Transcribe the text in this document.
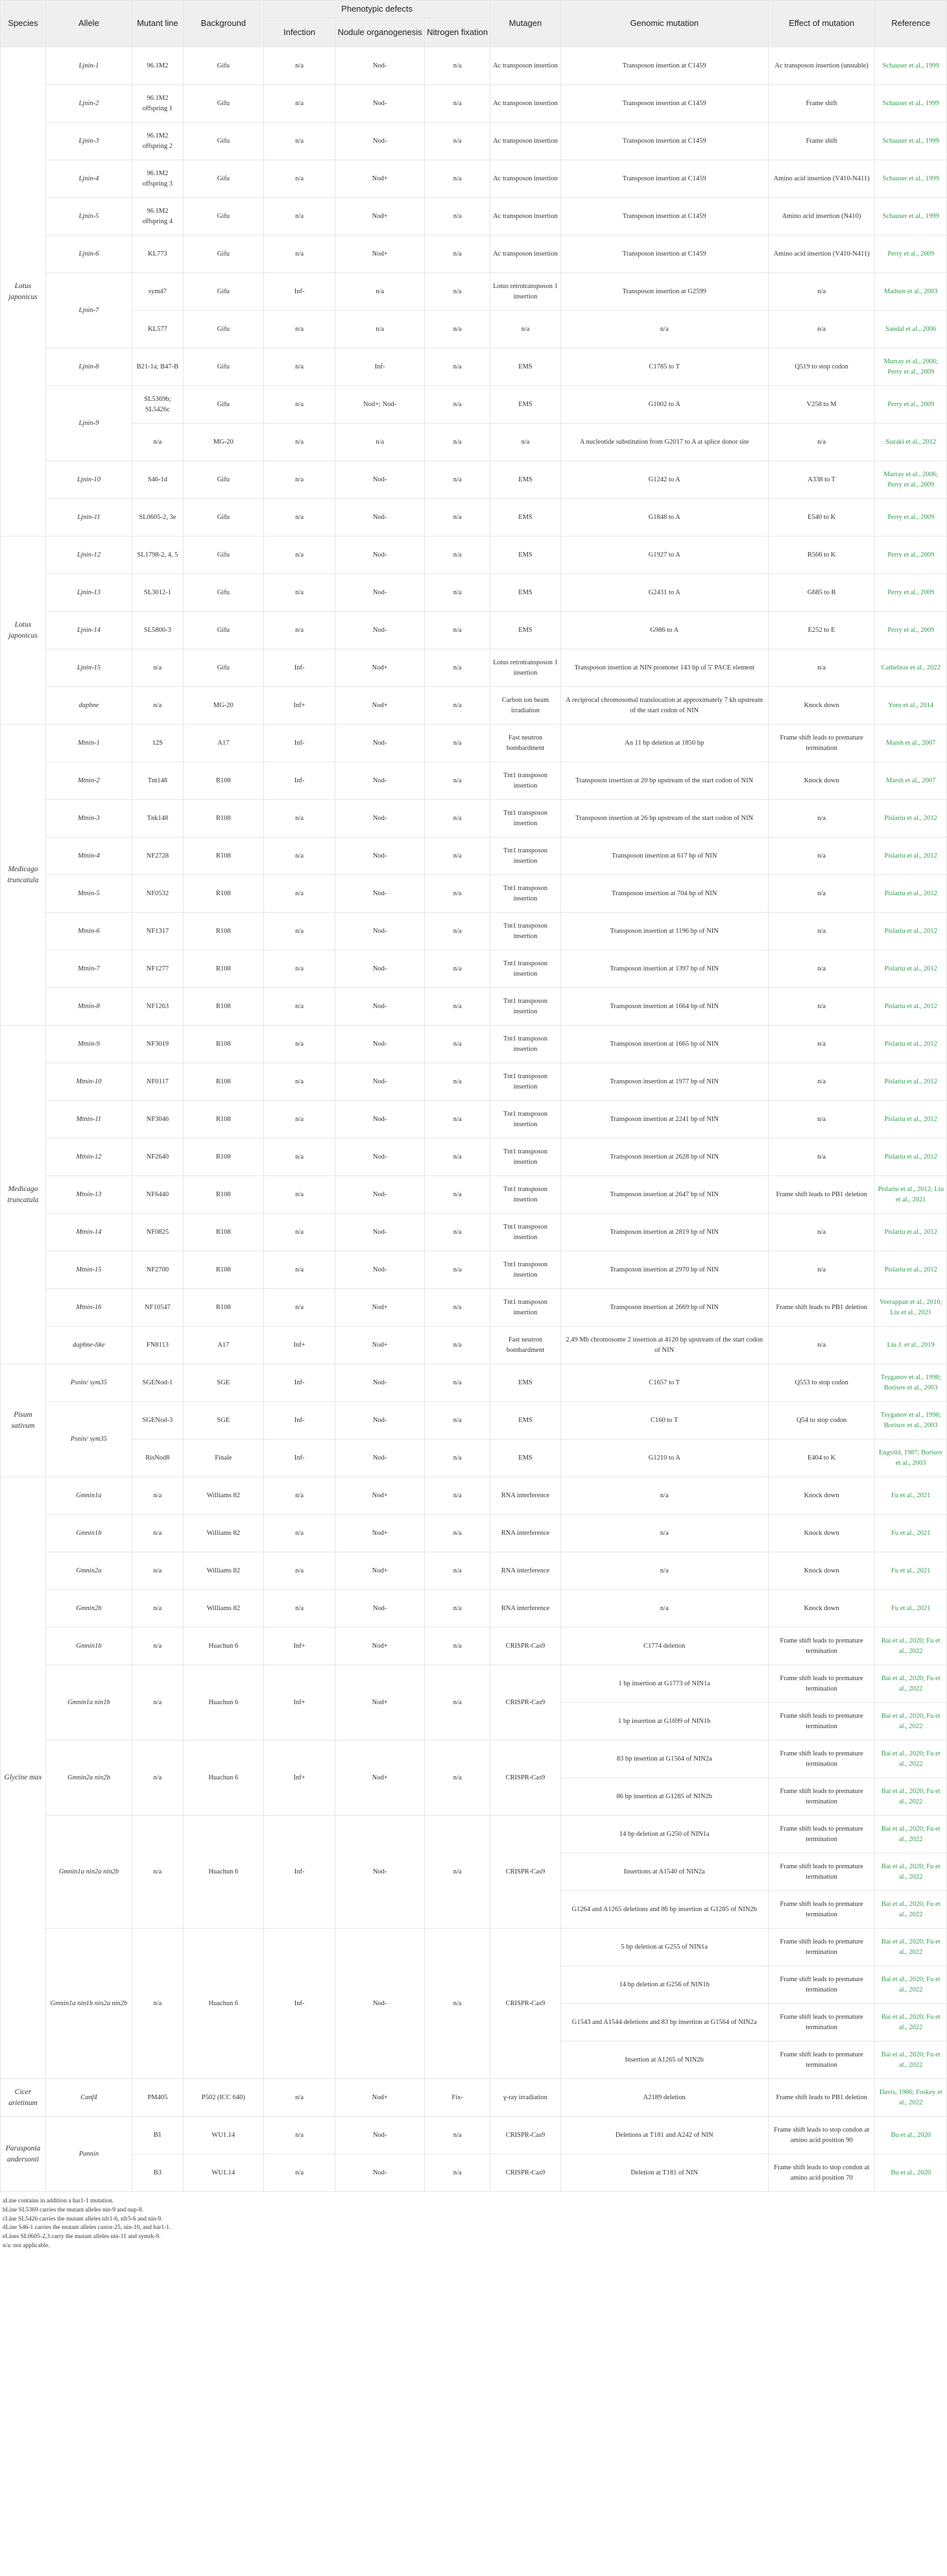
Species	Allele	Mutant line	Background	Phenotypic defects			Mutagen	Genomic mutation	Effect of mutation	Reference
				Infection	Nodule organogenesis	Nitrogen fixation				
Lotus japonicus	Ljnin-1	96.1M2	Gifu	n/a	Nod-	n/a	Ac transposon insertion	Transposon insertion at C1459	Ac transposon insertion (unstable)	Schauser et al., 1999
	Ljnin-2	96.1M2 offspring 1	Gifu	n/a	Nod-	n/a	Ac transposon insertion	Transposon insertion at C1459	Frame shift	Schauser et al., 1999
	Ljnin-3	96.1M2 offspring 2	Gifu	n/a	Nod-	n/a	Ac transposon insertion	Transposon insertion at C1459	Frame shift	Schauser et al., 1999
	Ljnin-4	96.1M2 offspring 3	Gifu	n/a	Nod+	n/a	Ac transposon insertion	Transposon insertion at C1459	Amino acid insertion (V410-N411)	Schauser et al., 1999
	Ljnin-5	96.1M2 offspring 4	Gifu	n/a	Nod+	n/a	Ac transposon insertion	Transposon insertion at C1459	Amino acid insertion (N410)	Schauser et al., 1999
	Ljnin-6	KL773	Gifu	n/a	Nod+	n/a	Ac transposon insertion	Transposon insertion at C1459	Amino acid insertion (V410-N411)	Perry et al., 2009
	Ljnin-7	sym47	Gifu	Inf-	n/a	n/a	Lotus retrotransposon 1 insertion	Transposon insertion at G2599	n/a	Madsen et al., 2003
		KL577	Gifu	n/a	n/a	n/a	n/a	n/a	n/a	Sandal et al., 2006
	Ljnin-8	B21-1a; B47-B	Gifu	n/a	Inf-	n/a	EMS	C1785 to T	Q519 to stop codon	Murray et al., 2006; Perry et al., 2009
	Ljnin-9	SL5369b; SL5426c	Gifu	n/a	Nod+; Nod-	n/a	EMS	G1002 to A	V258 to M	Perry et al., 2009
		n/a	MG-20	n/a	n/a	n/a	n/a	A nucleotide substitution from G2017 to A at splice donor site	n/a	Suzaki et al., 2012
	Ljnin-10	S46-1d	Gifu	n/a	Nod-	n/a	EMS	G1242 to A	A338 to T	Murray et al., 2006; Perry et al., 2009
	Ljnin-11	SL0605-2, 3e	Gifu	n/a	Nod-	n/a	EMS	G1848 to A	E540 to K	Perry et al., 2009
Lotus japonicus	Ljnin-12	SL1798-2, 4, 5	Gifu	n/a	Nod-	n/a	EMS	G1927 to A	R566 to K	Perry et al., 2009
	Ljnin-13	SL3012-1	Gifu	n/a	Nod-	n/a	EMS	G2431 to A	G685 to R	Perry et al., 2009
	Ljnin-14	SL5800-3	Gifu	n/a	Nod-	n/a	EMS	G986 to A	E252 to E	Perry et al., 2009
	Ljnin-15	n/a	Gifu	Inf-	Nod+	n/a	Lotus retrotransposon 1 insertion	Transposon insertion at NIN promoter 143 bp of 5' PACE element	n/a	Cathebras et al., 2022
	daphne	n/a	MG-20	Inf+	Nod+	n/a	Carbon ion beam irradiation	A reciprocal chromosomal translocation at approximately 7 kb upstream of the start codon of NIN	Knock down	Yoro et al., 2014
Medicago truncatula	Mtnin-1	12S	A17	Inf-	Nod-	n/a	Fast neutron bombardment	An 11 bp deletion at 1850 bp	Frame shift leads to premature termination	Marsh et al., 2007
	Mtnin-2	Tnt148	R108	Inf-	Nod-	n/a	Tnt1 transposon insertion	Transposon insertion at 20 bp upstream of the start codon of NIN	Knock down	Marsh et al., 2007
	Mtnin-3	Tnk148	R108	n/a	Nod-	n/a	Tnt1 transposon insertion	Transposon insertion at 26 bp upstream of the start codon of NIN	n/a	Pislariu et al., 2012
	Mtnin-4	NF2728	R108	n/a	Nod-	n/a	Tnt1 transposon insertion	Transposon insertion at 617 bp of NIN	n/a	Pislariu et al., 2012
	Mtnin-5	NF0532	R108	n/a	Nod-	n/a	Tnt1 transposon insertion	Transposon insertion at 704 bp of NIN	n/a	Pislariu et al., 2012
	Mtnin-6	NF1317	R108	n/a	Nod-	n/a	Tnt1 transposon insertion	Transposon insertion at 1196 bp of NIN	n/a	Pislariu et al., 2012
	Mtnin-7	NF1277	R108	n/a	Nod-	n/a	Tnt1 transposon insertion	Transposon insertion at 1397 bp of NIN	n/a	Pislariu et al., 2012
	Mtnin-8	NF1263	R108	n/a	Nod-	n/a	Tnt1 transposon insertion	Transposon insertion at 1664 bp of NIN	n/a	Pislariu et al., 2012
Medicago truncatula	Mtnin-9	NF3019	R108	n/a	Nod-	n/a	Tnt1 transposon insertion	Transposon insertion at 1665 bp of NIN	n/a	Pislariu et al., 2012
	Mtnin-10	NF0117	R108	n/a	Nod-	n/a	Tnt1 transposon insertion	Transposon insertion at 1977 bp of NIN	n/a	Pislariu et al., 2012
	Mtnin-11	NF3046	R108	n/a	Nod-	n/a	Tnt1 transposon insertion	Transposon insertion at 2241 bp of NIN	n/a	Pislariu et al., 2012
	Mtnin-12	NF2640	R108	n/a	Nod-	n/a	Tnt1 transposon insertion	Transposon insertion at 2628 bp of NIN	n/a	Pislariu et al., 2012
	Mtnin-13	NF6440	R108	n/a	Nod-	n/a	Tnt1 transposon insertion	Transposon insertion at 2647 bp of NIN	Frame shift leads to PB1 deletion	Pislariu et al., 2012; Liu et al., 2021
	Mtnin-14	NF0825	R108	n/a	Nod-	n/a	Tnt1 transposon insertion	Transposon insertion at 2819 bp of NIN	n/a	Pislariu et al., 2012
	Mtnin-15	NF2700	R108	n/a	Nod-	n/a	Tnt1 transposon insertion	Transposon insertion at 2970 bp of NIN	n/a	Pislariu et al., 2012
	Mtnin-16	NF10547	R108	n/a	Nod+	n/a	Tnt1 transposon insertion	Transposon insertion at 2669 bp of NIN	Frame shift leads to PB1 deletion	Veerappan et al., 2016; Liu et al., 2021
	daphne-like	FN8113	A17	Inf+	Nod+	n/a	Fast neutron bombardment	2.49 Mb chromosome 2 insertion at 4120 bp upstream of the start codon of NIN	n/a	Liu J. et al., 2019
Pisum sativum	Psnin/ sym35	SGENod-1	SGE	Inf-	Nod-	n/a	EMS	C1657 to T	Q553 to stop codon	Tsyganov et al., 1998; Borisov et al., 2003
	Psnin/ sym35	SGENod-3	SGE	Inf-	Nod-	n/a	EMS	C160 to T	Q54 to stop codon	Tsyganov et al., 1998; Borisov et al., 2003
		RisNod8	Finale	Inf-	Nod-	n/a	EMS	G1210 to A	E404 to K	Engvild, 1987; Borisov et al., 2003
Glycine max	Gmnin1a	n/a	Williams 82	n/a	Nod+	n/a	RNA interference	n/a	Knock down	Fu et al., 2021
	Gmnin1b	n/a	Williams 82	n/a	Nod+	n/a	RNA interference	n/a	Knock down	Fu et al., 2021
	Gmnin2a	n/a	Williams 82	n/a	Nod+	n/a	RNA interference	n/a	Knock down	Fu et al., 2021
	Gmnin2b	n/a	Williams 82	n/a	Nod-	n/a	RNA interference	n/a	Knock down	Fu et al., 2021
	Gmnin1b	n/a	Huachun 6	Inf+	Nod+	n/a	CRISPR-Cas9	C1774 deletion	Frame shift leads to premature termination	Bai et al., 2020; Fu et al., 2022
	Gmnin1a nin1b	n/a	Huachun 6	Inf+	Nod+	n/a	CRISPR-Cas9	1 bp insertion at G1773 of NIN1a	Frame shift leads to premature termination	Bai et al., 2020; Fu et al., 2022
								1 bp insertion at G1699 of NIN1b	Frame shift leads to premature termination	Bai et al., 2020; Fu et al., 2022
	Gmnin2a nin2b	n/a	Huachun 6	Inf+	Nod+	n/a	CRISPR-Cas9	83 bp insertion at G1564 of NIN2a	Frame shift leads to premature termination	Bai et al., 2020; Fu et al., 2022
								86 bp insertion at G1285 of NIN2b	Frame shift leads to premature termination	Bai et al., 2020; Fu et al., 2022
	Gmnin1a nin2a nin2b	n/a	Huachun 6	Inf-	Nod-	n/a	CRISPR-Cas9	14 bp deletion at G250 of NIN1a	Frame shift leads to premature termination	Bai et al., 2020; Fu et al., 2022
								Insertions at A1540 of NIN2a	Frame shift leads to premature termination	Bai et al., 2020; Fu et al., 2022
								G1264 and A1265 deletions and 86 bp insertion at G1285 of NIN2b	Frame shift leads to premature termination	Bai et al., 2020; Fu et al., 2022
	Gmnin1a nin1b nin2a nin2b	n/a	Huachun 6	Inf-	Nod-	n/a	CRISPR-Cas9	5 bp deletion at G255 of NIN1a	Frame shift leads to premature termination	Bai et al., 2020; Fu et al., 2022
								14 bp deletion at G256 of NIN1b	Frame shift leads to premature termination	Bai et al., 2020; Fu et al., 2022
								G1543 and A1544 deletions and 83 bp insertion at G1564 of NIN2a	Frame shift leads to premature termination	Bai et al., 2020; Fu et al., 2022
								Insertion at A1265 of NIN2b	Frame shift leads to premature termination	Bai et al., 2020; Fu et al., 2022
Cicer arietinum	Canf4	PM405	P502 (ICC 640)	n/a	Nod+	Fix-	γ-ray irradiation	A2189 deletion	Frame shift leads to PB1 deletion	Davis, 1986; Foskey et al., 2022
Parasponia andersonii	Pannin	B1	WU1.14	n/a	Nod-	n/a	CRISPR-Cas9	Deletions at T181 and A242 of NIN	Frame shift leads to stop condon at amino acid position 90	Bu et al., 2020
		B3	WU1.14	n/a	Nod-	n/a	CRISPR-Cas9	Deletion at T181 of NIN	Frame shift leads to stop condon at amino acid position 70	Bu et al., 2020
aLine contains in addition a har1-1 mutation.
bLine SL5369 carries the mutant alleles nin-9 and nup-8.
cLine SL5426 carries the mutant alleles nfr1-6, nfr5-6 and nin-9.
dLine S46-1 carries the mutant alleles castor-25, nin-10, and har1-1.
eLines SL0605-2,3 carry the mutant alleles nin-11 and symrk-9.
n/a: not applicable.
